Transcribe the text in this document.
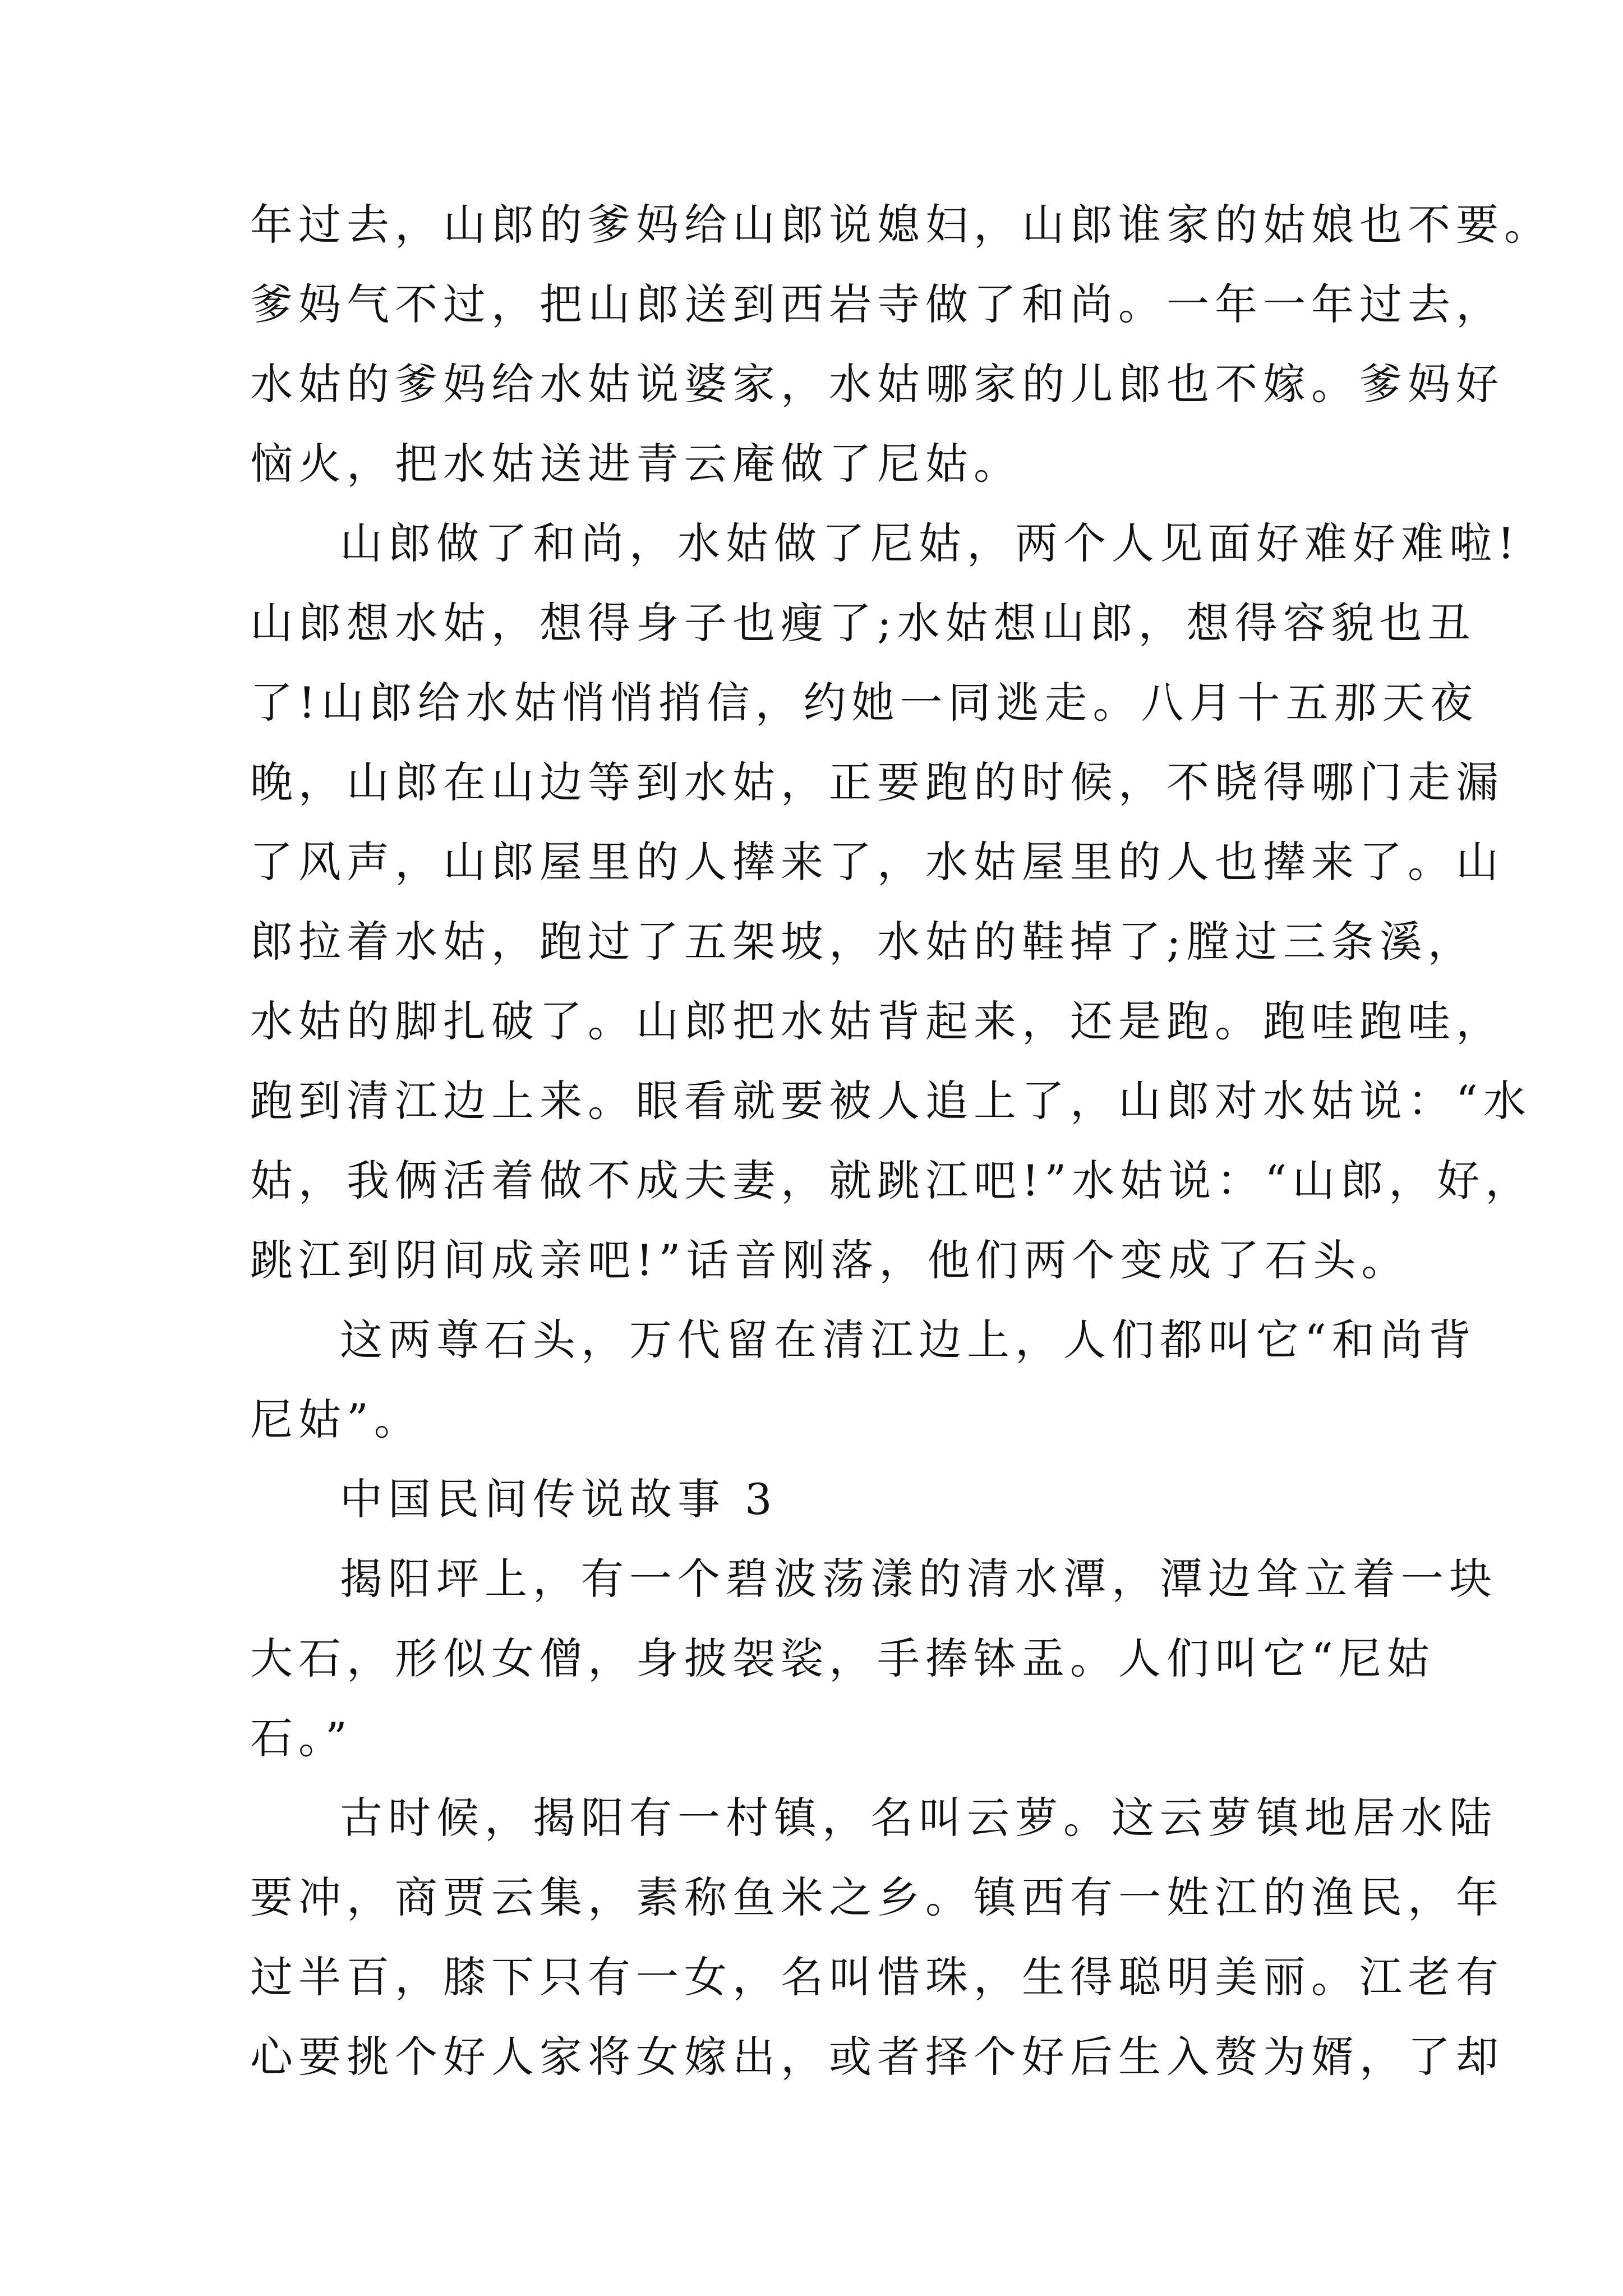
年过去，山郎的爹妈给山郎说媳妇，山郎谁家的姑娘也不要。
爹妈气不过，把山郎送到西岩寺做了和尚。一年一年过去，
水姑的爹妈给水姑说婆家，水姑哪家的儿郎也不嫁。爹妈好
恼火，把水姑送进青云庵做了尼姑。
山郎做了和尚，水姑做了尼姑，两个人见面好难好难啦!
山郎想水姑，想得身子也瘦了;水姑想山郎，想得容貌也丑
了!山郎给水姑悄悄捎信，约她一同逃走。八月十五那天夜
晚，山郎在山边等到水姑，正要跑的时候，不晓得哪门走漏
了风声，山郎屋里的人撵来了，水姑屋里的人也撵来了。山
郎拉着水姑，跑过了五架坡，水姑的鞋掉了;膛过三条溪，
水姑的脚扎破了。山郎把水姑背起来，还是跑。跑哇跑哇，
跑到清江边上来。眼看就要被人追上了，山郎对水姑说：“水
姑，我俩活着做不成夫妻，就跳江吧!”水姑说：“山郎，好，
跳江到阴间成亲吧!”话音刚落，他们两个变成了石头。
这两尊石头，万代留在清江边上，人们都叫它“和尚背
尼姑”。
中国民间传说故事 3
揭阳坪上，有一个碧波荡漾的清水潭，潭边耸立着一块
大石，形似女僧，身披袈裟，手捧钵盂。人们叫它“尼姑
石。”
古时候，揭阳有一村镇，名叫云萝。这云萝镇地居水陆
要冲，商贾云集，素称鱼米之乡。镇西有一姓江的渔民，年
过半百，膝下只有一女，名叫惜珠，生得聪明美丽。江老有
心要挑个好人家将女嫁出，或者择个好后生入赘为婿，了却
